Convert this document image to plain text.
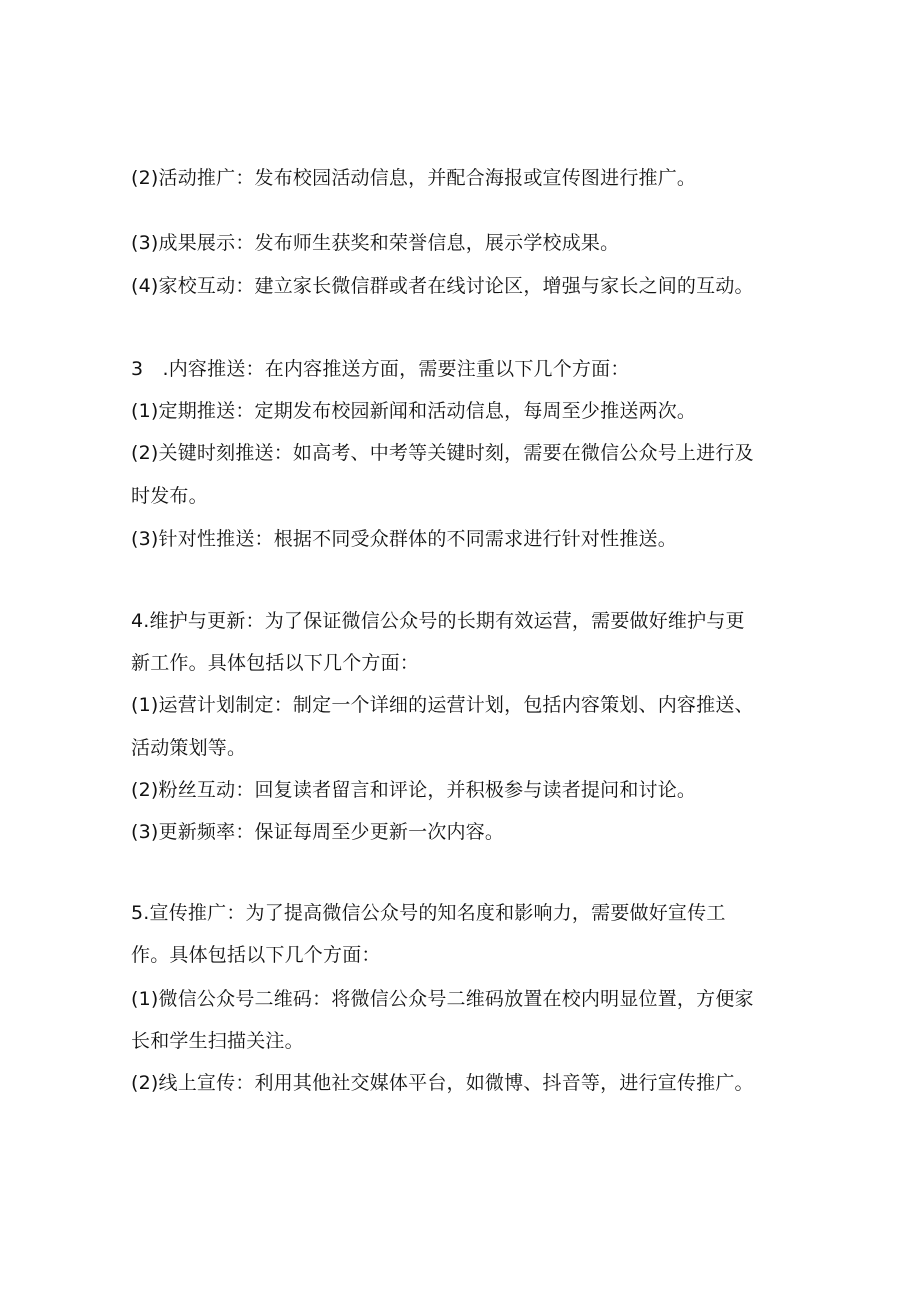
(2)活动推广：发布校园活动信息，并配合海报或宣传图进行推广。
(3)成果展示：发布师生获奖和荣誉信息，展示学校成果。
(4)家校互动：建立家长微信群或者在线讨论区，增强与家长之间的互动。
3　.内容推送：在内容推送方面，需要注重以下几个方面：
(1)定期推送：定期发布校园新闻和活动信息，每周至少推送两次。
(2)关键时刻推送：如高考、中考等关键时刻，需要在微信公众号上进行及
时发布。
(3)针对性推送：根据不同受众群体的不同需求进行针对性推送。
4.维护与更新：为了保证微信公众号的长期有效运营，需要做好维护与更
新工作。具体包括以下几个方面：
(1)运营计划制定：制定一个详细的运营计划，包括内容策划、内容推送、
活动策划等。
(2)粉丝互动：回复读者留言和评论，并积极参与读者提问和讨论。
(3)更新频率：保证每周至少更新一次内容。
5.宣传推广：为了提高微信公众号的知名度和影响力，需要做好宣传工
作。具体包括以下几个方面：
(1)微信公众号二维码：将微信公众号二维码放置在校内明显位置，方便家
长和学生扫描关注。
(2)线上宣传：利用其他社交媒体平台，如微博、抖音等，进行宣传推广。
